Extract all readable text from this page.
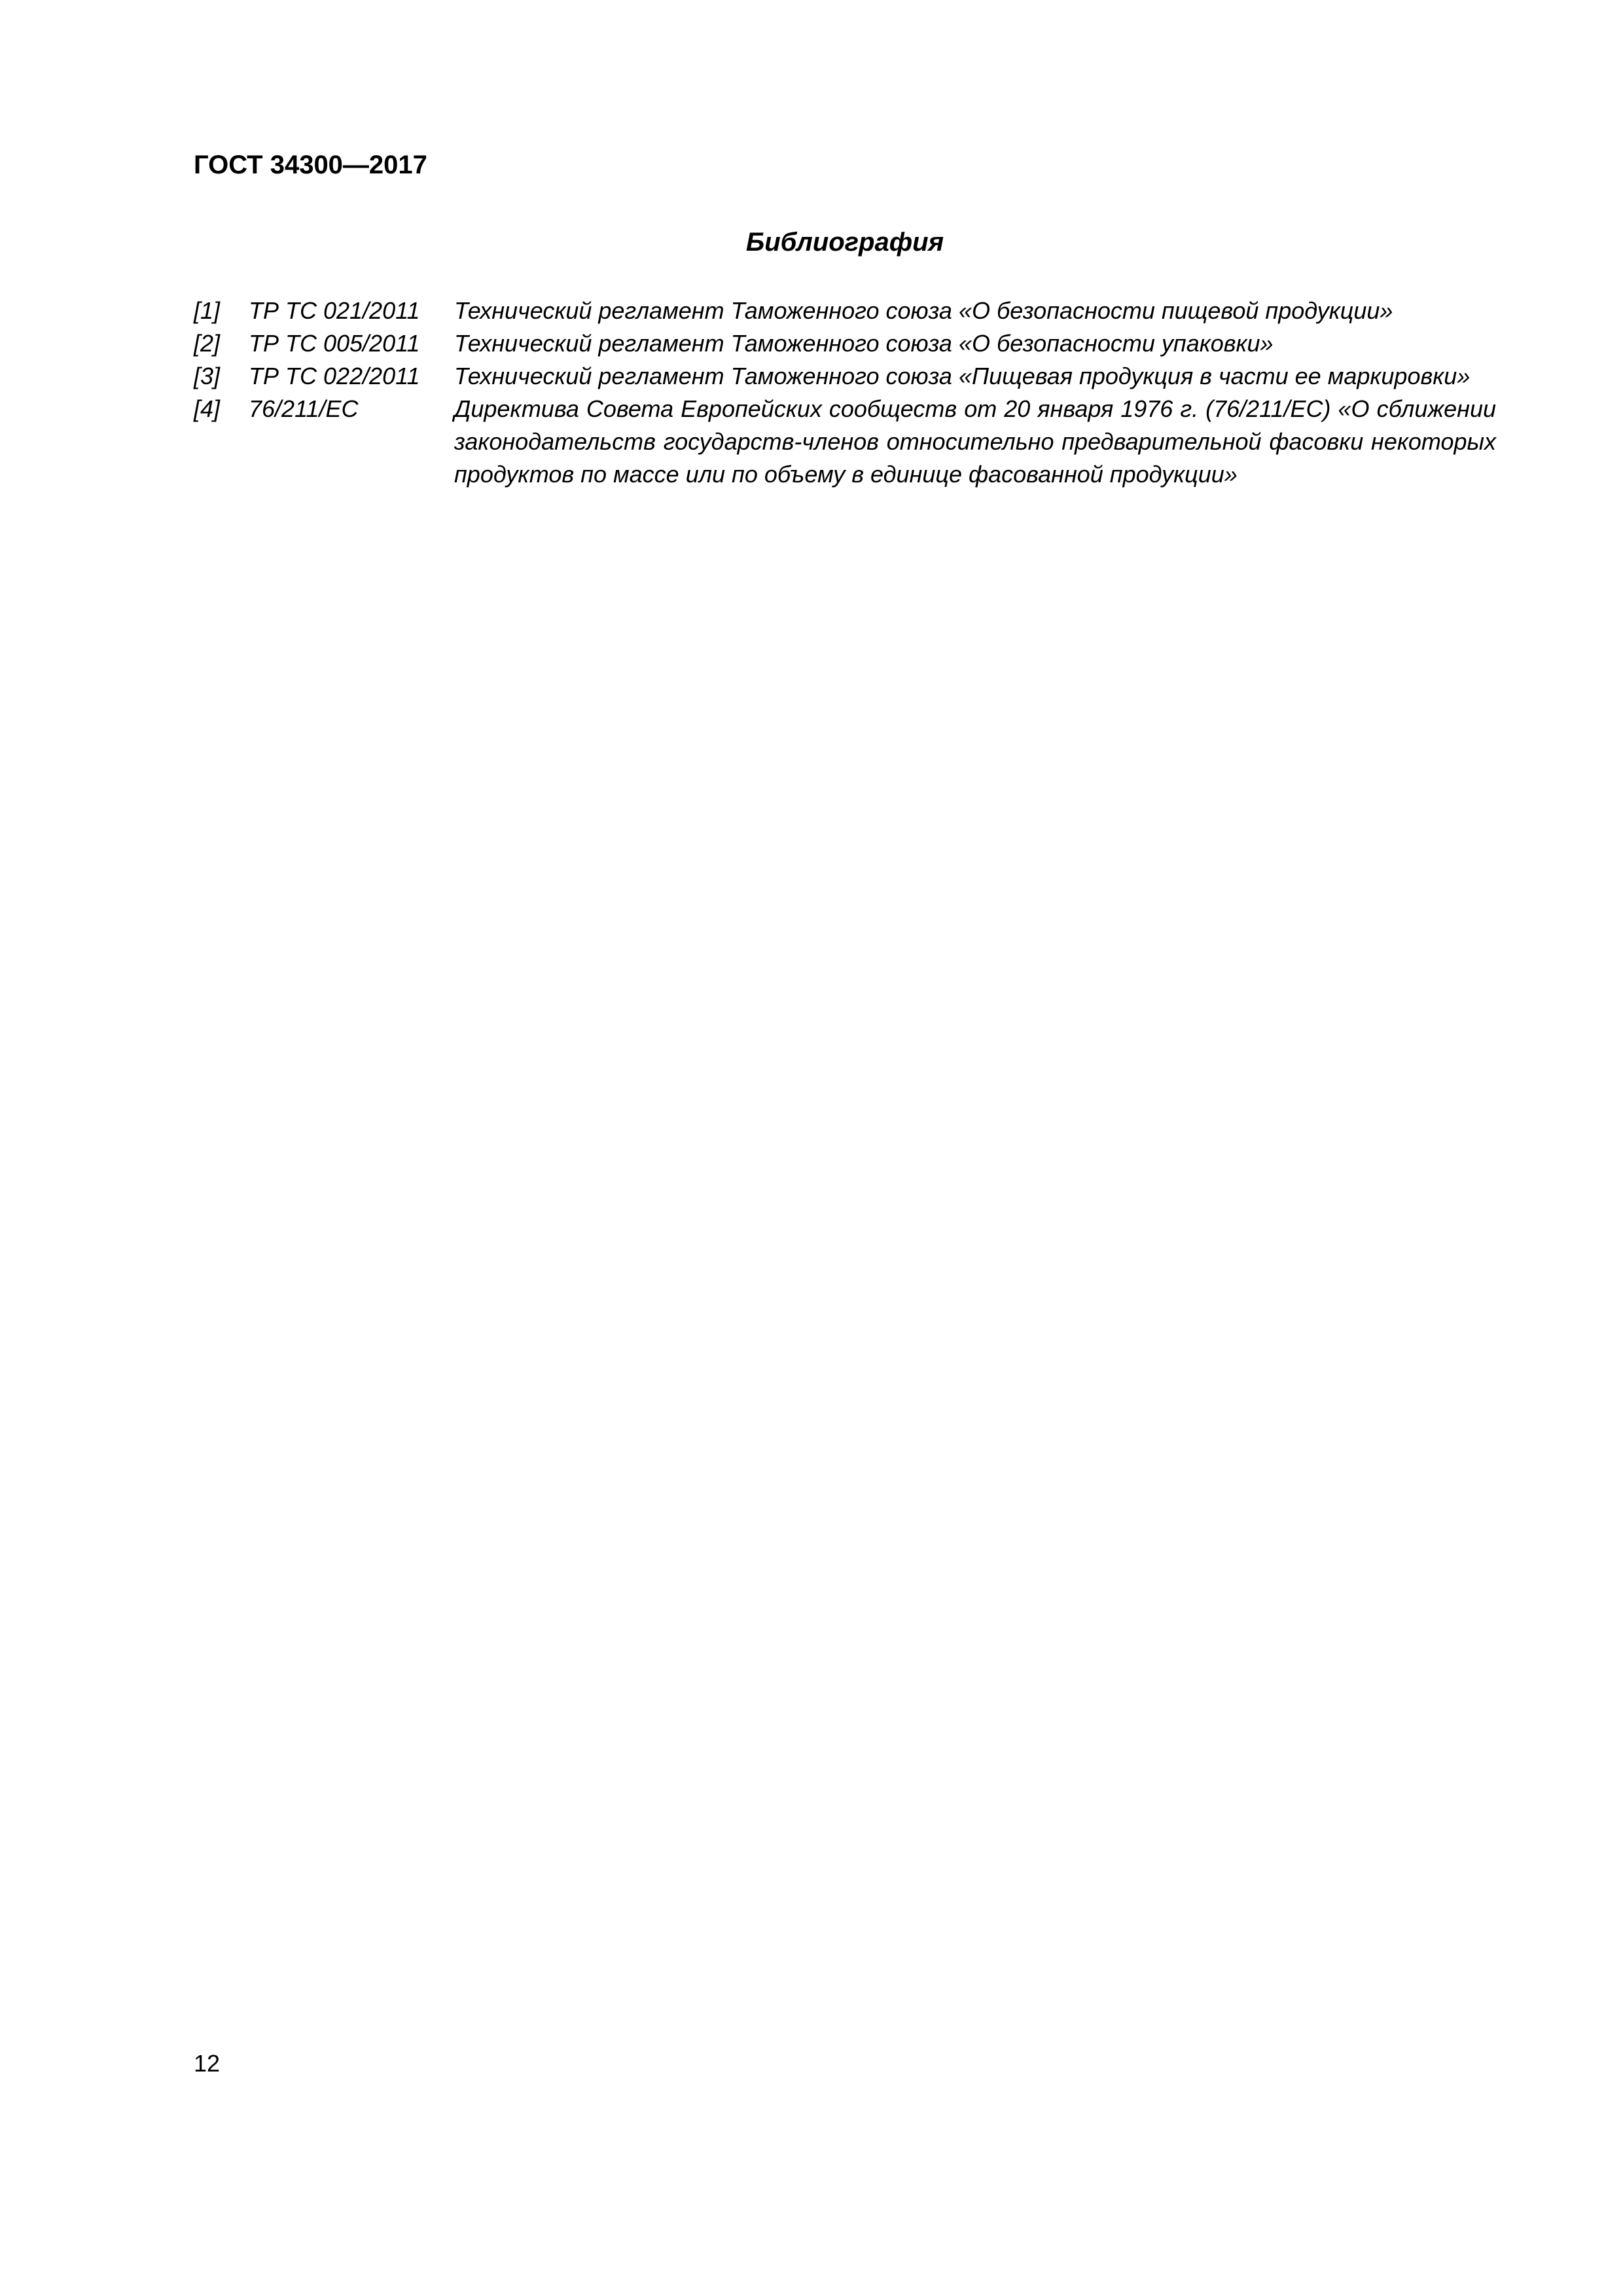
ГОСТ 34300—2017
Библиография
[1] ТР ТС 021/2011 Технический регламент Таможенного союза «О безопасности пищевой продукции»
[2] ТР ТС 005/2011 Технический регламент Таможенного союза «О безопасности упаковки»
[3] ТР ТС 022/2011 Технический регламент Таможенного союза «Пищевая продукция в части ее маркировки»
[4] 76/211/ЕС	Директива Совета Европейских сообществ от 20 января 1976 г. (76/211/ЕС) «О сближении законодательств государств-членов относительно предварительной фасовки некоторых продуктов по массе или по объему в единице фасованной продукции»
12
